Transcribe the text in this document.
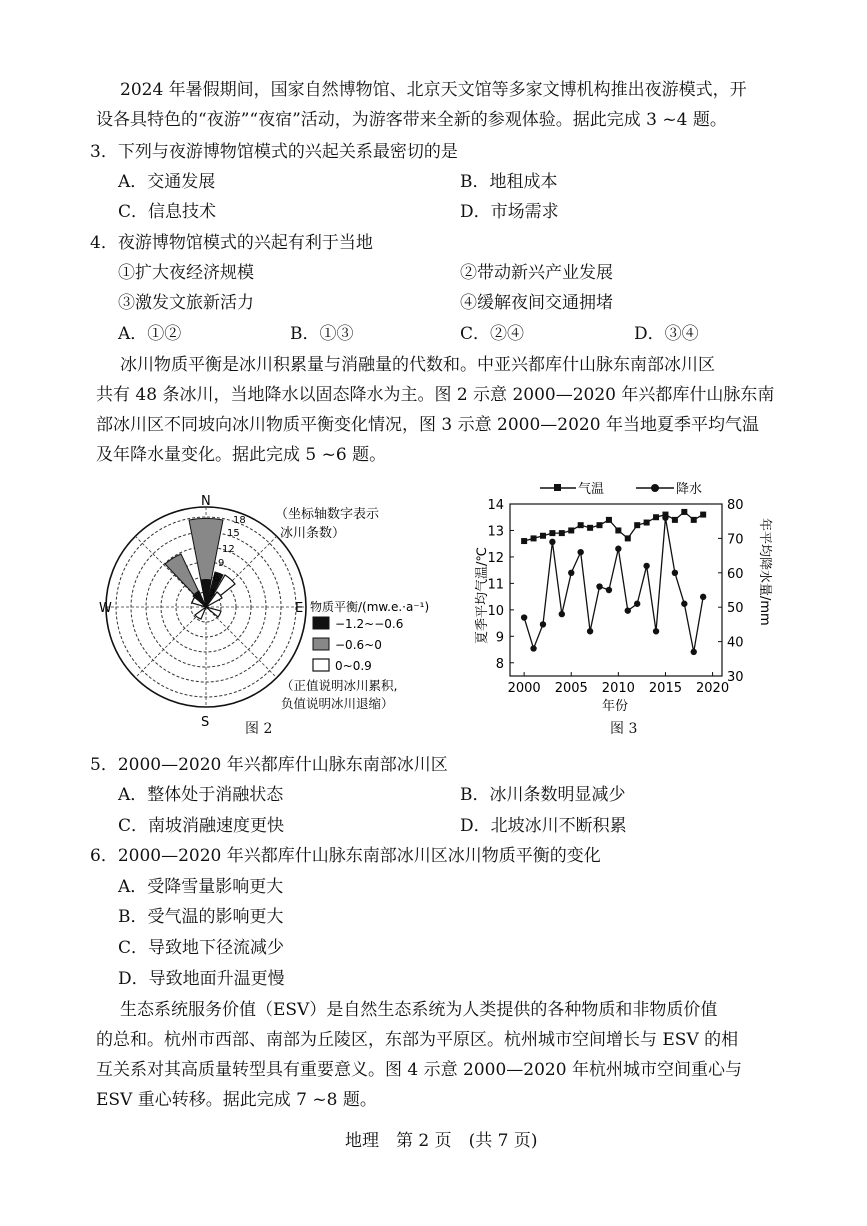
2024 年暑假期间，国家自然博物馆、北京天文馆等多家文博机构推出夜游模式，开
设各具特色的“夜游”“夜宿”活动，为游客带来全新的参观体验。据此完成 3 ~4 题。
3．下列与夜游博物馆模式的兴起关系最密切的是
A．交通发展	B．地租成本
C．信息技术	D．市场需求
4．夜游博物馆模式的兴起有利于当地
①扩大夜经济规模	②带动新兴产业发展
③激发文旅新活力	④缓解夜间交通拥堵
A．①②	B．①③	C．②④	D．③④
冰川物质平衡是冰川积累量与消融量的代数和。中亚兴都库什山脉东南部冰川区
共有 48 条冰川，当地降水以固态降水为主。图 2 示意 2000—2020 年兴都库什山脉东南
部冰川区不同坡向冰川物质平衡变化情况，图 3 示意 2000—2020 年当地夏季平均气温
及年降水量变化。据此完成 5 ~6 题。
N
S
E
W
18
15
12
9
6
3
（坐标轴数字表示
冰川条数）
物质平衡/(mw.e.·a⁻¹)
−1.2~−0.6
−0.6~0
0~0.9
（正值说明冰川累积,
负值说明冰川退缩）
图 2
气温	降水
8
9
10
11
12
13
14
30
40
50
60
70
80
2000 2005 2010 2015 2020
夏季平均气温/℃	年平均降水量/mm
年份
图 3
5．2000—2020 年兴都库什山脉东南部冰川区
A．整体处于消融状态	B．冰川条数明显减少
C．南坡消融速度更快	D．北坡冰川不断积累
6．2000—2020 年兴都库什山脉东南部冰川区冰川物质平衡的变化
A．受降雪量影响更大
B．受气温的影响更大
C．导致地下径流减少
D．导致地面升温更慢
生态系统服务价值（ESV）是自然生态系统为人类提供的各种物质和非物质价值
的总和。杭州市西部、南部为丘陵区，东部为平原区。杭州城市空间增长与 ESV 的相
互关系对其高质量转型具有重要意义。图 4 示意 2000—2020 年杭州城市空间重心与
ESV 重心转移。据此完成 7 ~8 题。
地理　第 2 页　(共 7 页)
